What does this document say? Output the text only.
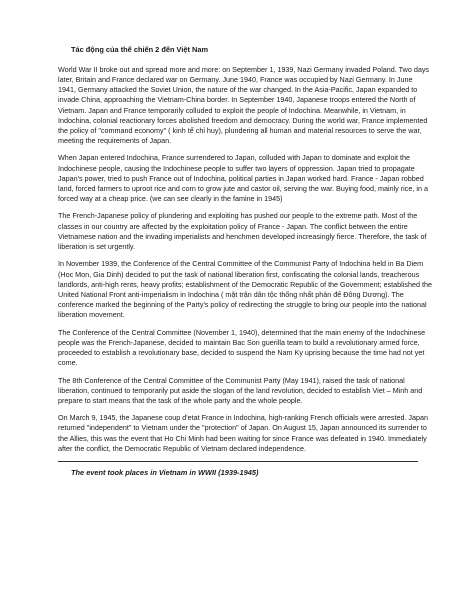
Tác động của thế chiến 2 đến Việt Nam

World War II broke out and spread more and more: on September 1, 1939, Nazi Germany invaded Poland. Two days later, Britain and France declared war on Germany. June 1940, France was occupied by Nazi Germany. In June 1941, Germany attacked the Soviet Union, the nature of the war changed. In the Asia-Pacific, Japan expanded to invade China, approaching the Vietnam-China border. In September 1940, Japanese troops entered the North of Vietnam. Japan and France temporarily colluded to exploit the people of Indochina. Meanwhile, in Vietnam, in Indochina, colonial reactionary forces abolished freedom and democracy. During the world war, France implemented the policy of "command economy" ( kinh tế chỉ huy), plundering all human and material resources to serve the war, meeting the requirements of Japan.

When Japan entered Indochina, France surrendered to Japan, colluded with Japan to dominate and exploit the Indochinese people, causing the Indochinese people to suffer two layers of oppression. Japan tried to propagate Japan's power, tried to push France out of Indochina, political parties in Japan worked hard. France - Japan robbed land, forced farmers to uproot rice and corn to grow jute and castor oil, serving the war. Buying food, mainly rice, in a forced way at a cheap price. (we can see clearly in the famine in 1945)

The French-Japanese policy of plundering and exploiting has pushed our people to the extreme path. Most of the classes in our country are affected by the exploitation policy of France - Japan. The conflict between the entire Vietnamese nation and the invading imperialists and henchmen developed increasingly fierce. Therefore, the task of liberation is set urgently.

In November 1939, the Conference of the Central Committee of the Communist Party of Indochina held in Ba Diem (Hoc Mon, Gia Dinh) decided to put the task of national liberation first, confiscating the colonial lands, treacherous landlords, anti-high rents, heavy profits; establishment of the Democratic Republic of the Government; established the United National Front anti-imperialism in Indochina ( mặt trận dân tộc thống nhất phản đế Đông Dương). The conference marked the beginning of the Party's policy of redirecting the struggle to bring our people into the national liberation movement.

The Conference of the Central Committee (November 1, 1940), determined that the main enemy of the Indochinese people was the French-Japanese, decided to maintain Bac Son guerilla team to build a revolutionary armed force, proceeded to establish a revolutionary base, decided to suspend the Nam Ky uprising because the time had not yet come.

The 8th Conference of the Central Committee of the Communist Party (May 1941), raised the task of national liberation, continued to temporarily put aside the slogan of the land revolution, decided to establish Viet – Minh and prepare to start means that the task of the whole party and the whole people.

On March 9, 1945, the Japanese coup d'etat France in Indochina, high-ranking French officials were arrested. Japan returned "independent" to Vietnam under the "protection" of Japan. On August 15, Japan announced its surrender to the Allies, this was the event that Ho Chi Minh had been waiting for since France was defeated in 1940. Immediately after the conflict, the Democratic Republic of Vietnam declared independence.

The event took places in Vietnam in WWII (1939-1945)
